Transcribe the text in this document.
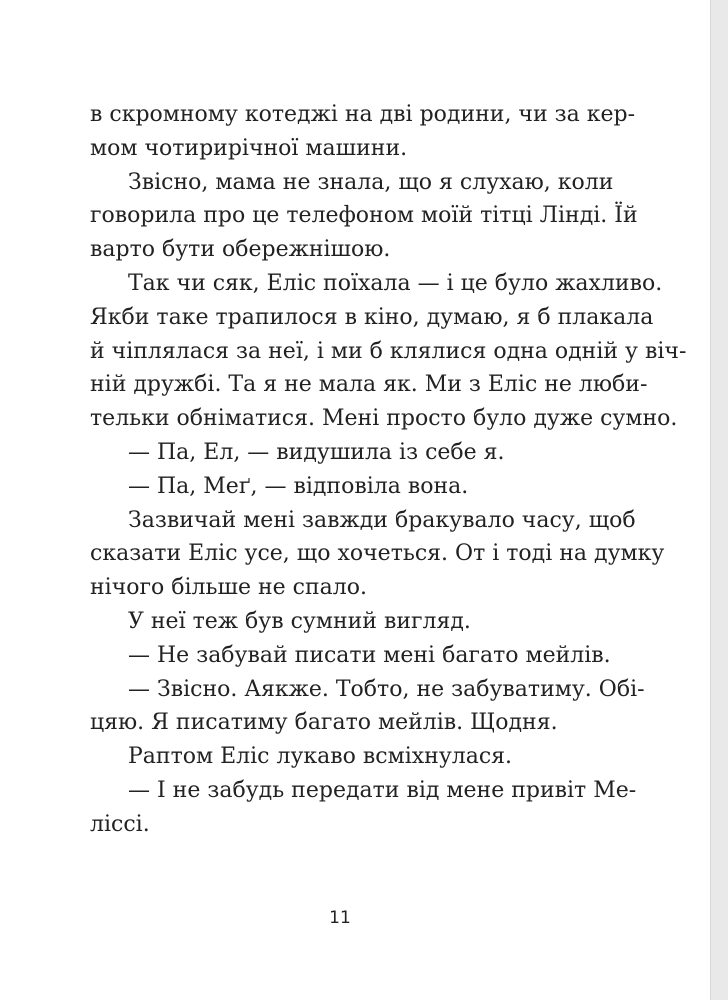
в скромному котеджі на дві родини, чи за кер-
мом чотирирічної машини.
Звісно, мама не знала, що я слухаю, коли
говорила про це телефоном моїй тітці Лінді. Їй
варто бути обережнішою.
Так чи сяк, Еліс поїхала — і це було жахливо.
Якби таке трапилося в кіно, думаю, я б плакала
й чіплялася за неї, і ми б клялися одна одній у віч-
ній дружбі. Та я не мала як. Ми з Еліс не люби-
тельки обніматися. Мені просто було дуже сумно.
— Па, Ел, — видушила із себе я.
— Па, Меґ, — відповіла вона.
Зазвичай мені завжди бракувало часу, щоб
сказати Еліс усе, що хочеться. От і тоді на думку
нічого більше не спало.
У неї теж був сумний вигляд.
— Не забувай писати мені багато мейлів.
— Звісно. Аякже. Тобто, не забуватиму. Обі-
цяю. Я писатиму багато мейлів. Щодня.
Раптом Еліс лукаво всміхнулася.
— І не забудь передати від мене привіт Ме-
ліссі.
11
